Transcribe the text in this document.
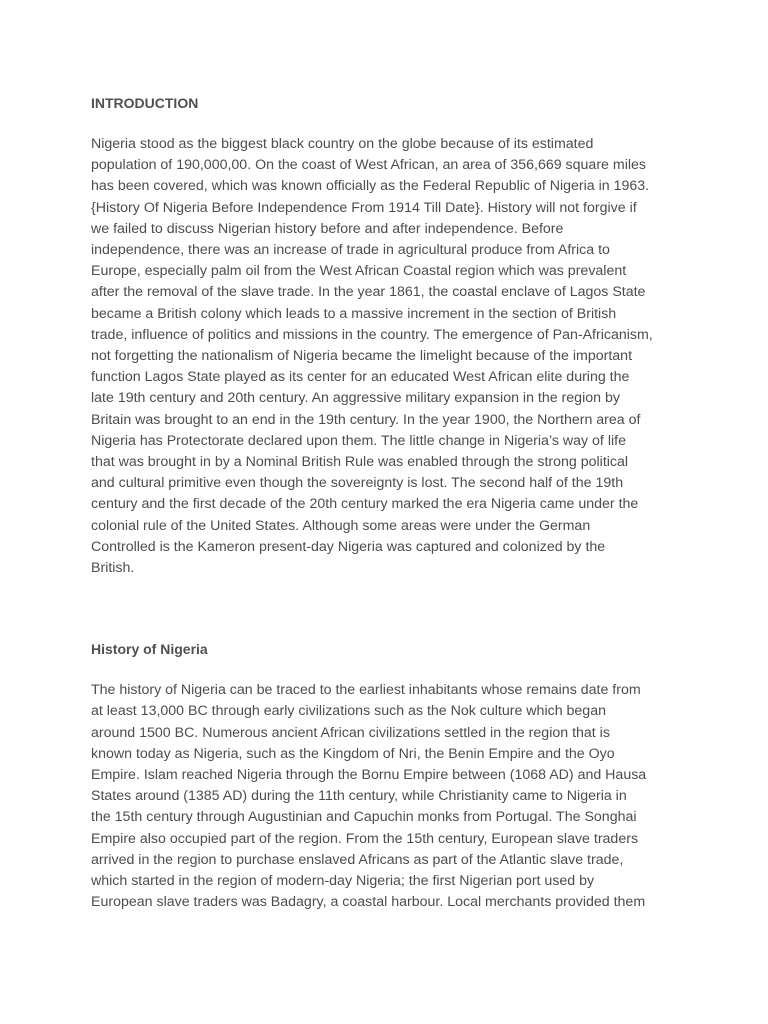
INTRODUCTION

Nigeria stood as the biggest black country on the globe because of its estimated
population of 190,000,00. On the coast of West African, an area of 356,669 square miles
has been covered, which was known officially as the Federal Republic of Nigeria in 1963.
{History Of Nigeria Before Independence From 1914 Till Date}. History will not forgive if
we failed to discuss Nigerian history before and after independence. Before
independence, there was an increase of trade in agricultural produce from Africa to
Europe, especially palm oil from the West African Coastal region which was prevalent
after the removal of the slave trade. In the year 1861, the coastal enclave of Lagos State
became a British colony which leads to a massive increment in the section of British
trade, influence of politics and missions in the country. The emergence of Pan-Africanism,
not forgetting the nationalism of Nigeria became the limelight because of the important
function Lagos State played as its center for an educated West African elite during the
late 19th century and 20th century. An aggressive military expansion in the region by
Britain was brought to an end in the 19th century. In the year 1900, the Northern area of
Nigeria has Protectorate declared upon them. The little change in Nigeria’s way of life
that was brought in by a Nominal British Rule was enabled through the strong political
and cultural primitive even though the sovereignty is lost. The second half of the 19th
century and the first decade of the 20th century marked the era Nigeria came under the
colonial rule of the United States. Although some areas were under the German
Controlled is the Kameron present-day Nigeria was captured and colonized by the
British.

History of Nigeria

The history of Nigeria can be traced to the earliest inhabitants whose remains date from
at least 13,000 BC through early civilizations such as the Nok culture which began
around 1500 BC. Numerous ancient African civilizations settled in the region that is
known today as Nigeria, such as the Kingdom of Nri, the Benin Empire and the Oyo
Empire. Islam reached Nigeria through the Bornu Empire between (1068 AD) and Hausa
States around (1385 AD) during the 11th century, while Christianity came to Nigeria in
the 15th century through Augustinian and Capuchin monks from Portugal. The Songhai
Empire also occupied part of the region. From the 15th century, European slave traders
arrived in the region to purchase enslaved Africans as part of the Atlantic slave trade,
which started in the region of modern-day Nigeria; the first Nigerian port used by
European slave traders was Badagry, a coastal harbour. Local merchants provided them
